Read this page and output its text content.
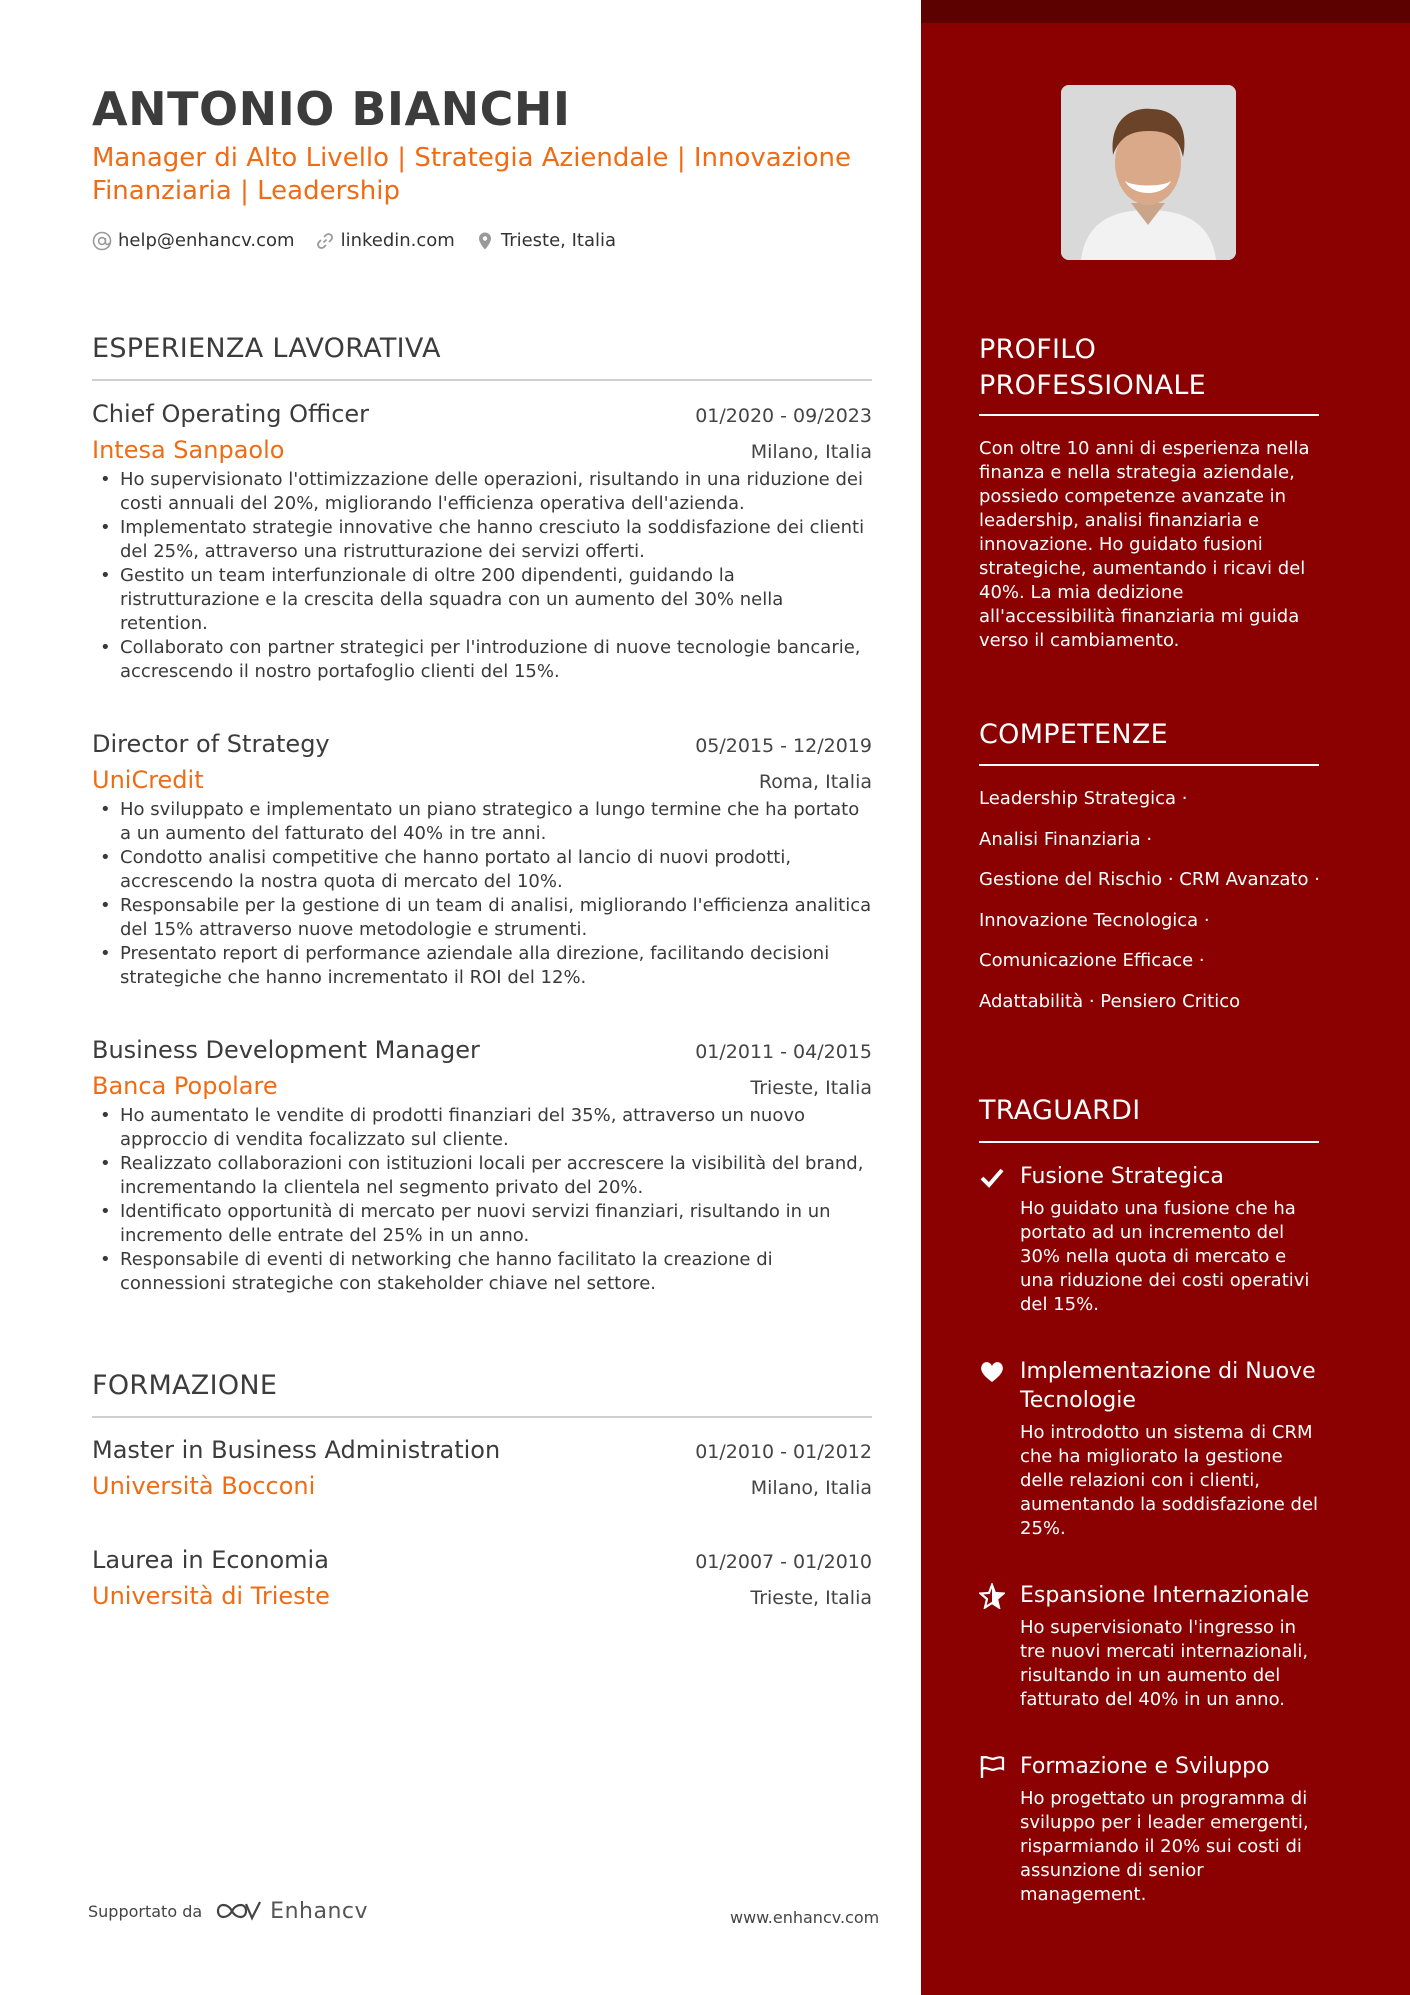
ANTONIO BIANCHI
Manager di Alto Livello | Strategia Aziendale | Innovazione Finanziaria | Leadership
help@enhancv.com	linkedin.com	Trieste, Italia
ESPERIENZA LAVORATIVA
Chief Operating Officer	01/2020 - 09/2023
Intesa Sanpaolo	Milano, Italia
• Ho supervisionato l'ottimizzazione delle operazioni, risultando in una riduzione dei costi annuali del 20%, migliorando l'efficienza operativa dell'azienda.
• Implementato strategie innovative che hanno cresciuto la soddisfazione dei clienti del 25%, attraverso una ristrutturazione dei servizi offerti.
• Gestito un team interfunzionale di oltre 200 dipendenti, guidando la ristrutturazione e la crescita della squadra con un aumento del 30% nella retention.
• Collaborato con partner strategici per l'introduzione di nuove tecnologie bancarie, accrescendo il nostro portafoglio clienti del 15%.
Director of Strategy	05/2015 - 12/2019
UniCredit	Roma, Italia
• Ho sviluppato e implementato un piano strategico a lungo termine che ha portato a un aumento del fatturato del 40% in tre anni.
• Condotto analisi competitive che hanno portato al lancio di nuovi prodotti, accrescendo la nostra quota di mercato del 10%.
• Responsabile per la gestione di un team di analisi, migliorando l'efficienza analitica del 15% attraverso nuove metodologie e strumenti.
• Presentato report di performance aziendale alla direzione, facilitando decisioni strategiche che hanno incrementato il ROI del 12%.
Business Development Manager	01/2011 - 04/2015
Banca Popolare	Trieste, Italia
• Ho aumentato le vendite di prodotti finanziari del 35%, attraverso un nuovo approccio di vendita focalizzato sul cliente.
• Realizzato collaborazioni con istituzioni locali per accrescere la visibilità del brand, incrementando la clientela nel segmento privato del 20%.
• Identificato opportunità di mercato per nuovi servizi finanziari, risultando in un incremento delle entrate del 25% in un anno.
• Responsabile di eventi di networking che hanno facilitato la creazione di connessioni strategiche con stakeholder chiave nel settore.
FORMAZIONE
Master in Business Administration	01/2010 - 01/2012
Università Bocconi	Milano, Italia
Laurea in Economia	01/2007 - 01/2010
Università di Trieste	Trieste, Italia
Supportato da	Enhancv	www.enhancv.com
PROFILO PROFESSIONALE
Con oltre 10 anni di esperienza nella finanza e nella strategia aziendale, possiedo competenze avanzate in leadership, analisi finanziaria e innovazione. Ho guidato fusioni strategiche, aumentando i ricavi del 40%. La mia dedizione all'accessibilità finanziaria mi guida verso il cambiamento.
COMPETENZE
Leadership Strategica ·
Analisi Finanziaria ·
Gestione del Rischio · CRM Avanzato ·
Innovazione Tecnologica ·
Comunicazione Efficace ·
Adattabilità · Pensiero Critico
TRAGUARDI
Fusione Strategica
Ho guidato una fusione che ha portato ad un incremento del 30% nella quota di mercato e una riduzione dei costi operativi del 15%.
Implementazione di Nuove Tecnologie
Ho introdotto un sistema di CRM che ha migliorato la gestione delle relazioni con i clienti, aumentando la soddisfazione del 25%.
Espansione Internazionale
Ho supervisionato l'ingresso in tre nuovi mercati internazionali, risultando in un aumento del fatturato del 40% in un anno.
Formazione e Sviluppo
Ho progettato un programma di sviluppo per i leader emergenti, risparmiando il 20% sui costi di assunzione di senior management.
